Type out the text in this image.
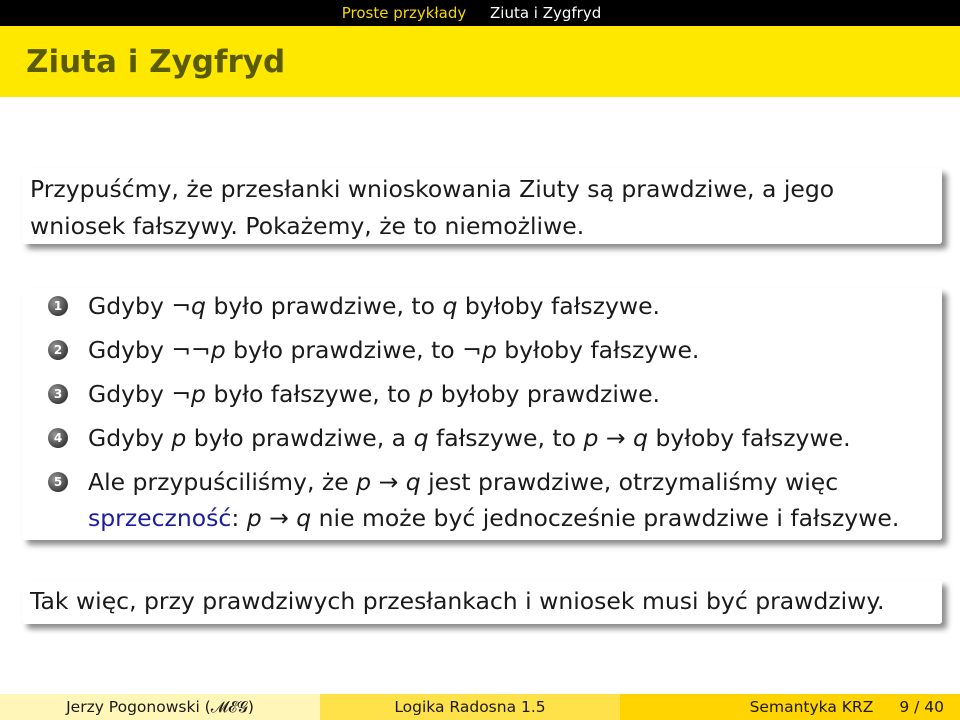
Proste przykłady	Ziuta i Zygfryd
Ziuta i Zygfryd

Przypuśćmy, że przesłanki wnioskowania Ziuty są prawdziwe, a jego

wniosek fałszywy. Pokażemy, że to niemożliwe.

1 Gdyby ¬q było prawdziwe, to q byłoby fałszywe.
2 Gdyby ¬¬p było prawdziwe, to ¬p byłoby fałszywe.
3 Gdyby ¬p było fałszywe, to p byłoby prawdziwe.
4 Gdyby p było prawdziwe, a q fałszywe, to p → q byłoby fałszywe.
5 Ale przypuściliśmy, że p → q jest prawdziwe, otrzymaliśmy więc
sprzeczność: p → q nie może być jednocześnie prawdziwe i fałszywe.

Tak więc, przy prawdziwych przesłankach i wniosek musi być prawdziwy.

Jerzy Pogonowski (𝓜𝓔𝓖)	Logika Radosna 1.5	Semantyka KRZ 9 / 40
